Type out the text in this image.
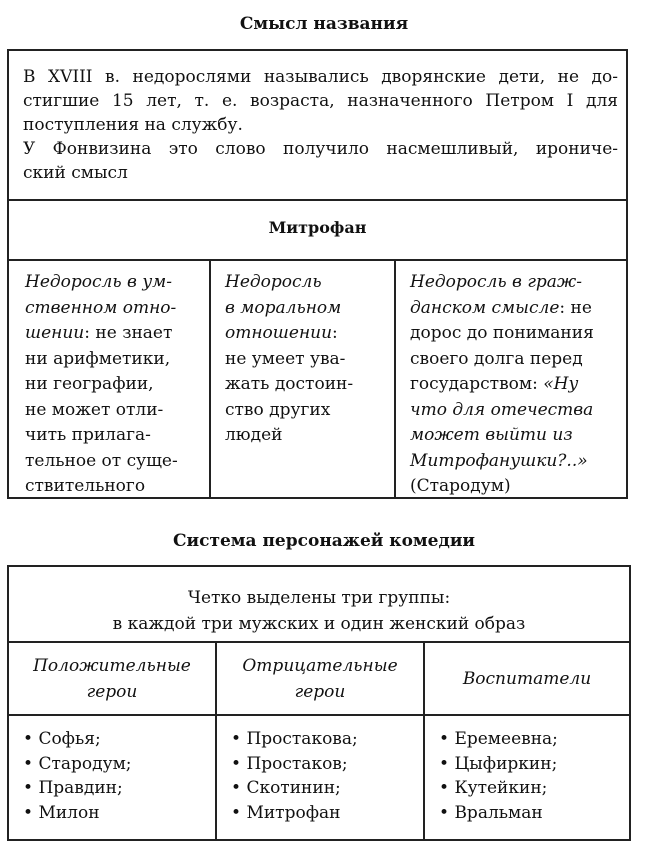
Смысл названия
В XVIII в. недорослями назывались дворянские дети, не до-
стигшие 15 лет, т. е. возраста, назначенного Петром I для
поступления на службу.
У Фонвизина это слово получило насмешливый, ирониче-
ский смысл
Митрофан
Недоросль в ум-
ственном отно-
шении: не знает
ни арифметики,
ни географии,
не может отли-
чить прилага-
тельное от суще-
ствительного
Недоросль
в моральном
отношении:
не умеет ува-
жать достоин-
ство других
людей
Недоросль в граж-
данском смысле: не
дорос до понимания
своего долга перед
государством: «Ну
что для отечества
может выйти из
Митрофанушки?..»
(Стародум)
Система персонажей комедии
Четко выделены три группы:
в каждой три мужских и один женский образ
Положительные
герои
Отрицательные
герои
Воспитатели
• Софья;
• Стародум;
• Правдин;
• Милон
• Простакова;
• Простаков;
• Скотинин;
• Митрофан
• Еремеевна;
• Цыфиркин;
• Кутейкин;
• Вральман
